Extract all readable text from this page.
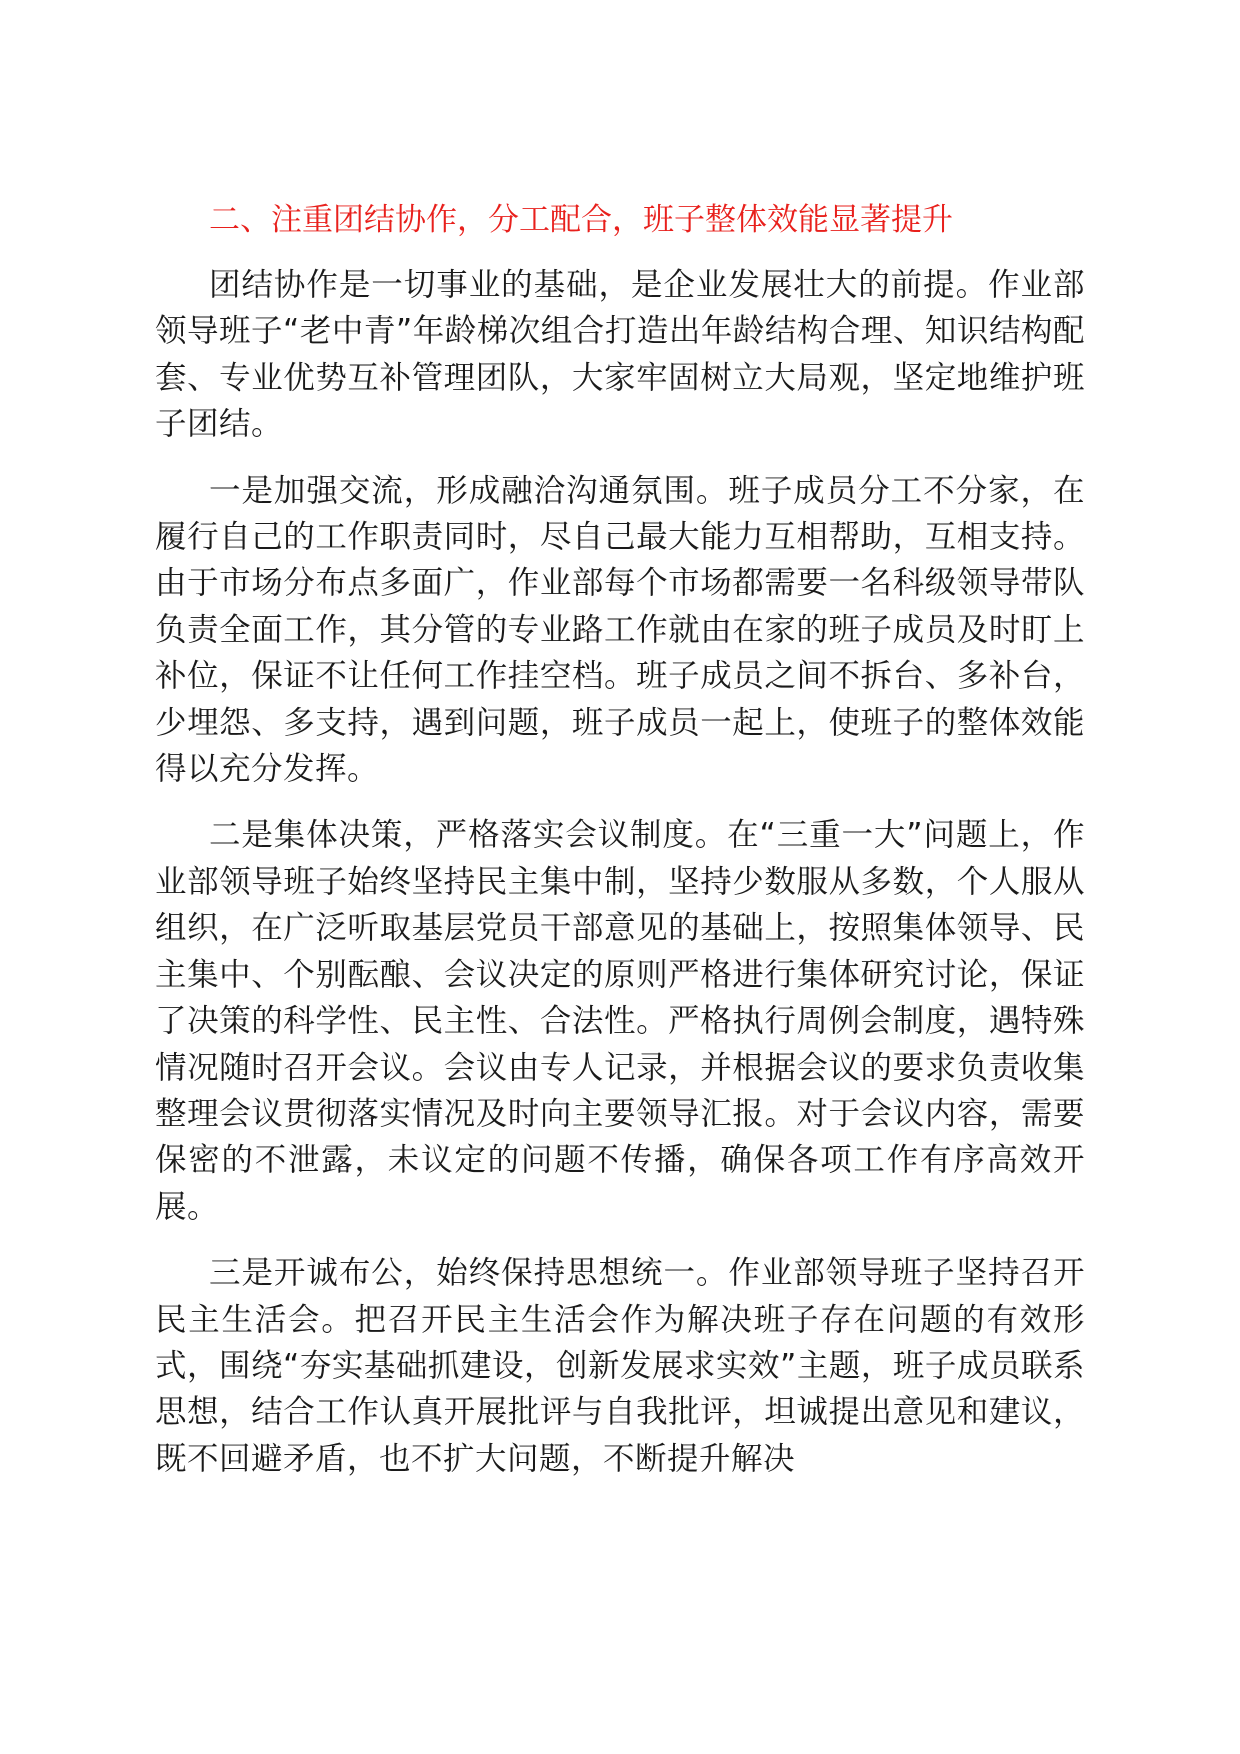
二、注重团结协作，分工配合，班子整体效能显著提升

团结协作是一切事业的基础，是企业发展壮大的前提。作业部领导班子“老中青”年龄梯次组合打造出年龄结构合理、知识结构配套、专业优势互补管理团队，大家牢固树立大局观，坚定地维护班子团结。

一是加强交流，形成融洽沟通氛围。班子成员分工不分家，在履行自己的工作职责同时，尽自己最大能力互相帮助，互相支持。由于市场分布点多面广，作业部每个市场都需要一名科级领导带队负责全面工作，其分管的专业路工作就由在家的班子成员及时盯上补位，保证不让任何工作挂空档。班子成员之间不拆台、多补台，少埋怨、多支持，遇到问题，班子成员一起上，使班子的整体效能得以充分发挥。

二是集体决策，严格落实会议制度。在“三重一大”问题上，作业部领导班子始终坚持民主集中制，坚持少数服从多数，个人服从组织，在广泛听取基层党员干部意见的基础上，按照集体领导、民主集中、个别酝酿、会议决定的原则严格进行集体研究讨论，保证了决策的科学性、民主性、合法性。严格执行周例会制度，遇特殊情况随时召开会议。会议由专人记录，并根据会议的要求负责收集整理会议贯彻落实情况及时向主要领导汇报。对于会议内容，需要保密的不泄露，未议定的问题不传播，确保各项工作有序高效开展。

三是开诚布公，始终保持思想统一。作业部领导班子坚持召开民主生活会。把召开民主生活会作为解决班子存在问题的有效形式，围绕“夯实基础抓建设，创新发展求实效”主题，班子成员联系思想，结合工作认真开展批评与自我批评，坦诚提出意见和建议，既不回避矛盾，也不扩大问题，不断提升解决
